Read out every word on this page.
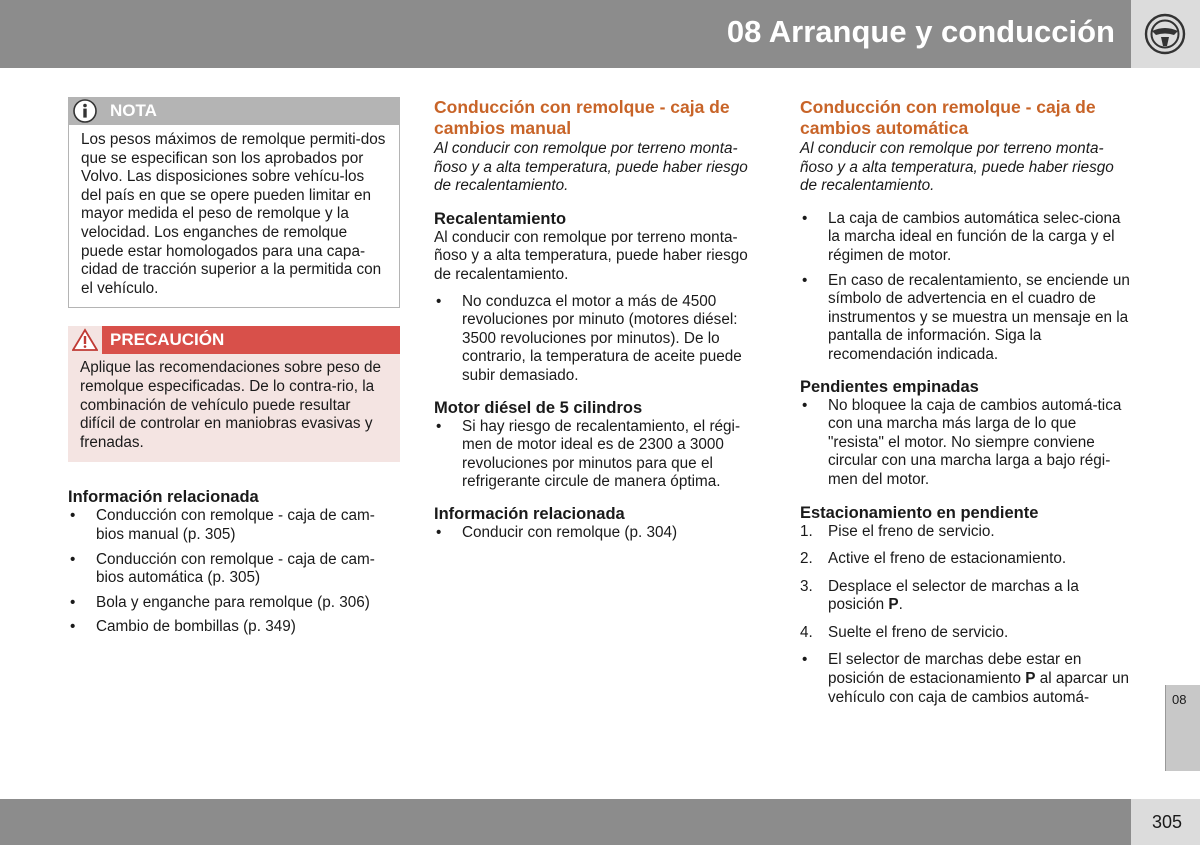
08 Arranque y conducción
NOTA

Los pesos máximos de remolque permiti-dos que se especifican son los aprobados por Volvo. Las disposiciones sobre vehícu-los del país en que se opere pueden limitar en mayor medida el peso de remolque y la velocidad. Los enganches de remolque puede estar homologados para una capa-cidad de tracción superior a la permitida con el vehículo.

PRECAUCIÓN

Aplique las recomendaciones sobre peso de remolque especificadas. De lo contra-rio, la combinación de vehículo puede resultar difícil de controlar en maniobras evasivas y frenadas.

Información relacionada
• Conducción con remolque - caja de cam-bios manual (p. 305)
• Conducción con remolque - caja de cam-bios automática (p. 305)
• Bola y enganche para remolque (p. 306)
• Cambio de bombillas (p. 349)
Conducción con remolque - caja de cambios manual

Al conducir con remolque por terreno monta-ñoso y a alta temperatura, puede haber riesgo de recalentamiento.

Recalentamiento

Al conducir con remolque por terreno monta-ñoso y a alta temperatura, puede haber riesgo de recalentamiento.

• No conduzca el motor a más de 4500 revoluciones por minuto (motores diésel: 3500 revoluciones por minutos). De lo contrario, la temperatura de aceite puede subir demasiado.
Motor diésel de 5 cilindros
• Si hay riesgo de recalentamiento, el régi-men de motor ideal es de 2300 a 3000 revoluciones por minutos para que el refrigerante circule de manera óptima.
Información relacionada
• Conducir con remolque (p. 304)
Conducción con remolque - caja de cambios automática

Al conducir con remolque por terreno monta-ñoso y a alta temperatura, puede haber riesgo de recalentamiento.

• La caja de cambios automática selec-ciona la marcha ideal en función de la carga y el régimen de motor.
• En caso de recalentamiento, se enciende un símbolo de advertencia en el cuadro de instrumentos y se muestra un mensaje en la pantalla de información. Siga la recomendación indicada.
Pendientes empinadas
• No bloquee la caja de cambios automá-tica con una marcha más larga de lo que "resista" el motor. No siempre conviene circular con una marcha larga a bajo régi-men del motor.
Estacionamiento en pendiente
1. Pise el freno de servicio.
2. Active el freno de estacionamiento.
3. Desplace el selector de marchas a la posición P.
4. Suelte el freno de servicio.
• El selector de marchas debe estar en posición de estacionamiento P al aparcar un vehículo con caja de cambios automá-	08
305
